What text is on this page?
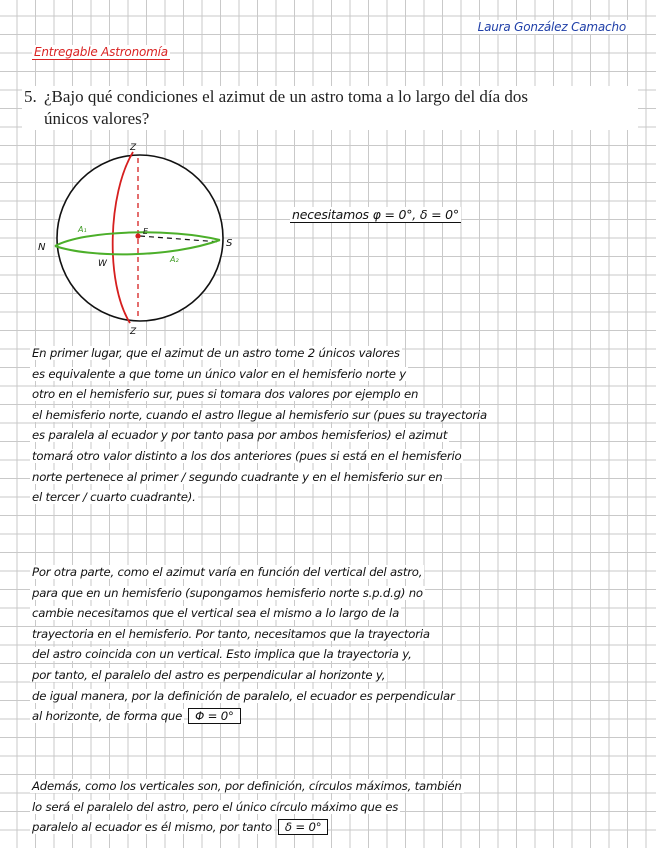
Laura González Camacho
Entregable Astronomía
5. ¿Bajo qué condiciones el azimut de un astro toma a lo largo del día dos
únicos valores?
Z
Z
N	S
E
W
A₁
A₂
necesitamos φ = 0°, δ = 0°
En primer lugar, que el azimut de un astro tome 2 únicos valores
es equivalente a que tome un único valor en el hemisferio norte y
otro en el hemisferio sur, pues si tomara dos valores por ejemplo en
el hemisferio norte, cuando el astro llegue al hemisferio sur (pues su trayectoria
es paralela al ecuador y por tanto pasa por ambos hemisferios) el azimut
tomará otro valor distinto a los dos anteriores (pues si está en el hemisferio
norte pertenece al primer / segundo cuadrante y en el hemisferio sur en
el tercer / cuarto cuadrante).
Por otra parte, como el azimut varía en función del vertical del astro,
para que en un hemisferio (supongamos hemisferio norte s.p.d.g) no
cambie necesitamos que el vertical sea el mismo a lo largo de la
trayectoria en el hemisferio. Por tanto, necesitamos que la trayectoria
del astro coincida con un vertical. Esto implica que la trayectoria y,
por tanto, el paralelo del astro es perpendicular al horizonte y,
de igual manera, por la definición de paralelo, el ecuador es perpendicular
al horizonte, de forma que Φ = 0°
Además, como los verticales son, por definición, círculos máximos, también
lo será el paralelo del astro, pero el único círculo máximo que es
paralelo al ecuador es él mismo, por tanto δ = 0°
